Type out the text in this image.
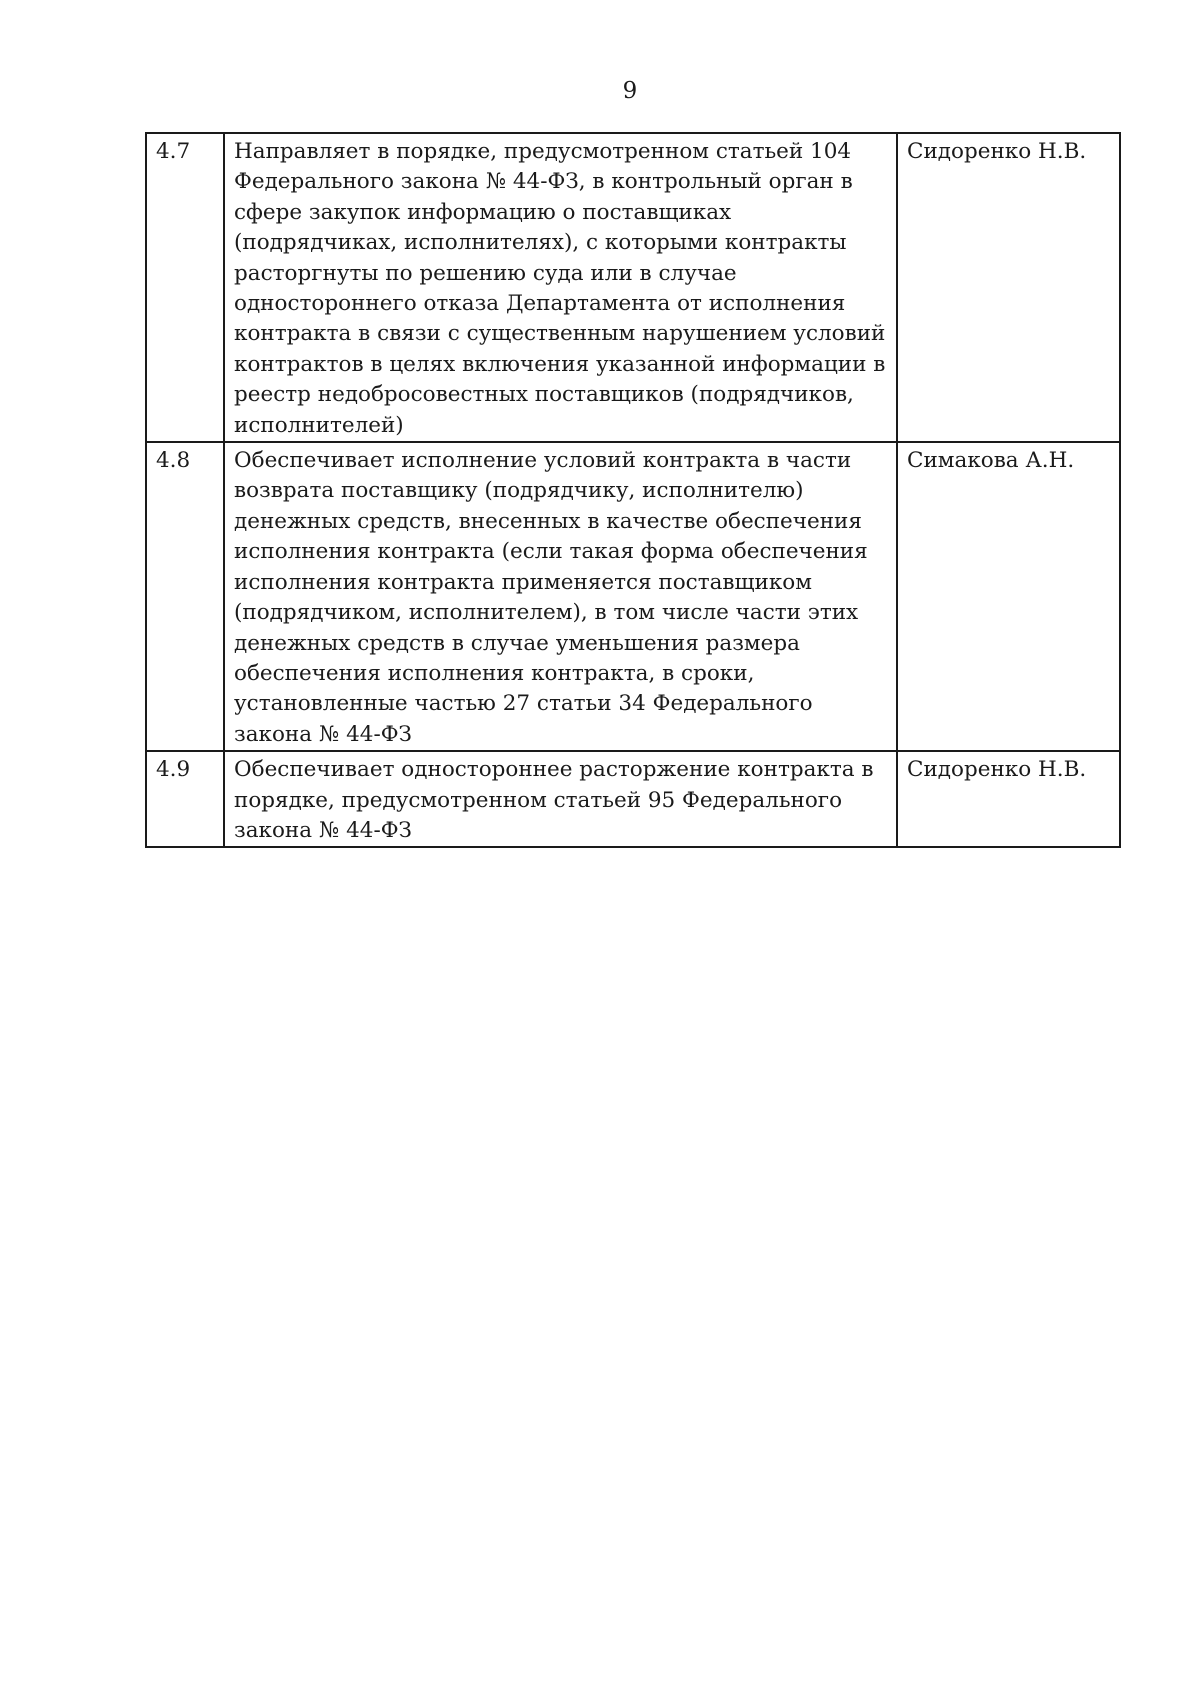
9
4.7	Направляет в порядке, предусмотренном статьей 104 Федерального закона № 44-ФЗ, в контрольный орган в сфере закупок информацию о поставщиках (подрядчиках, исполнителях), с которыми контракты расторгнуты по решению суда или в случае одностороннего отказа Департамента от исполнения контракта в связи с существенным нарушением условий контрактов в целях включения указанной информации в реестр недобросовестных поставщиков (подрядчиков, исполнителей)	Сидоренко Н.В.
4.8	Обеспечивает исполнение условий контракта в части возврата поставщику (подрядчику, исполнителю) денежных средств, внесенных в качестве обеспечения исполнения контракта (если такая форма обеспечения исполнения контракта применяется поставщиком (подрядчиком, исполнителем), в том числе части этих денежных средств в случае уменьшения размера обеспечения исполнения контракта, в сроки, установленные частью 27 статьи 34 Федерального закона № 44-ФЗ	Симакова А.Н.
4.9	Обеспечивает одностороннее расторжение контракта в порядке, предусмотренном статьей 95 Федерального закона № 44-ФЗ	Сидоренко Н.В.
